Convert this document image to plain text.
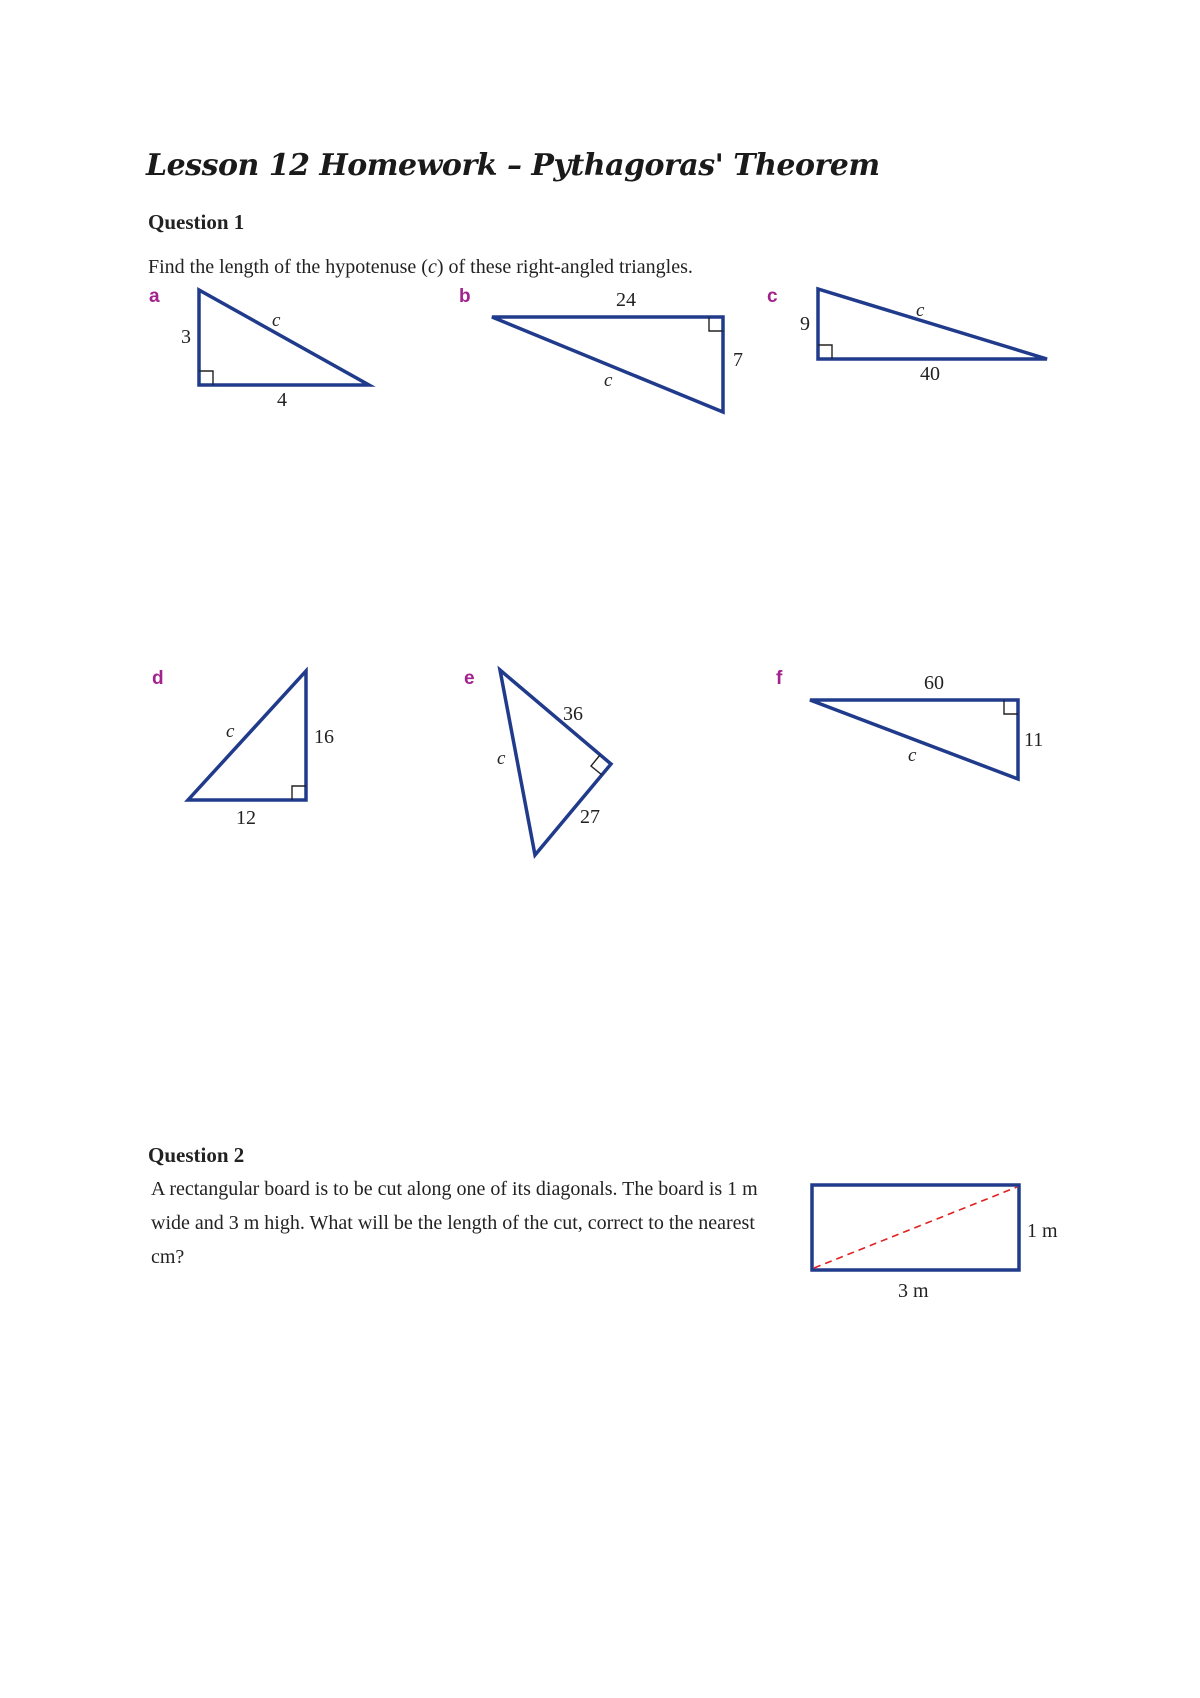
Lesson 12 Homework – Pythagoras' Theorem
Question 1
Find the length of the hypotenuse (c) of these right-angled triangles.
a
3
4
c
b	24
7
c
c
9
40
c
d
16
12
c
e
36
27
c
f	60
11
c
1 m
3 m
Question 2
A rectangular board is to be cut along one of its diagonals. The board is 1 m wide and 3 m high. What will be the length of the cut, correct to the nearest cm?
